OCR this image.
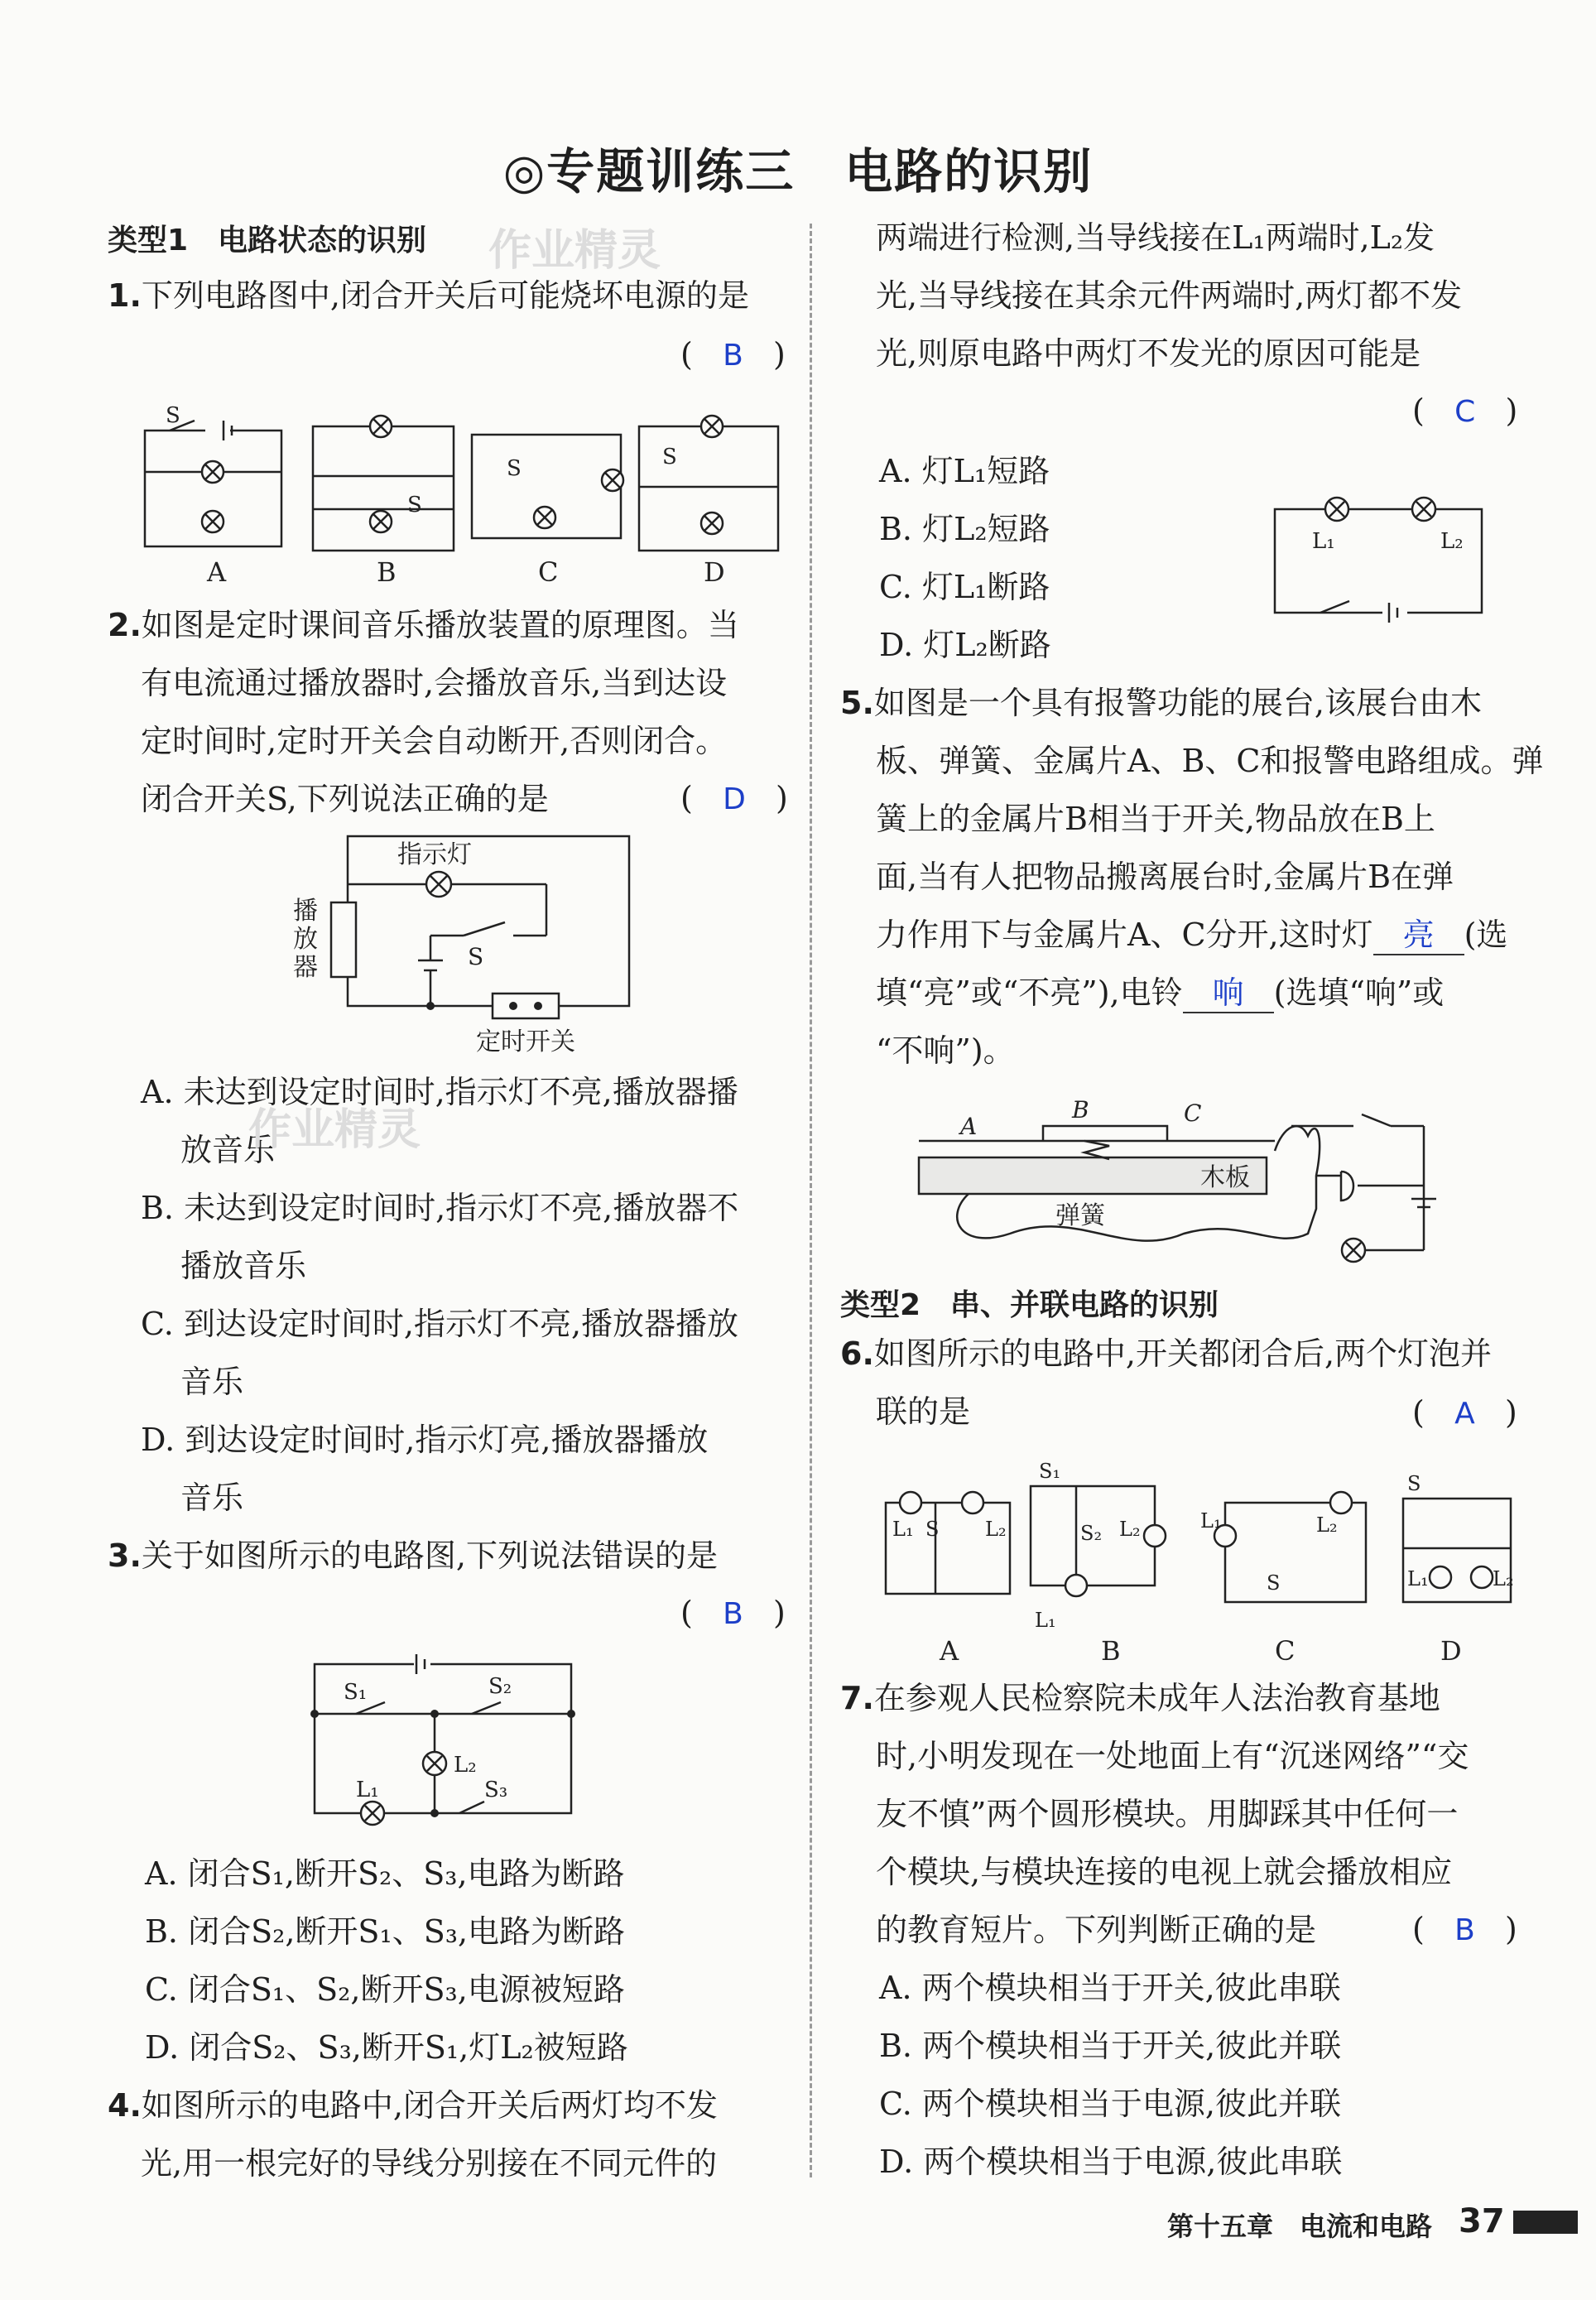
◎专题训练三　电路的识别
类型1　电路状态的识别 作业精灵
1.下列电路图中,闭合开关后可能烧坏电源的是
(   B   )
S
S
S	S
A	B	C	D
2.如图是定时课间音乐播放装置的原理图。当
有电流通过播放器时,会播放音乐,当到达设
定时间时,定时开关会自动断开,否则闭合。
闭合开关S,下列说法正确的是	(   D   )
指示灯
播
放
器	S
定时开关
A. 未达到设定时间时,指示灯不亮,播放器播
放音乐
作业精灵
B. 未达到设定时间时,指示灯不亮,播放器不
播放音乐
C. 到达设定时间时,指示灯不亮,播放器播放
音乐
D. 到达设定时间时,指示灯亮,播放器播放
音乐
3.关于如图所示的电路图,下列说法错误的是
(   B   )
S₁	S₂
S₃
L₁
L₂
A. 闭合S₁,断开S₂、S₃,电路为断路
B. 闭合S₂,断开S₁、S₃,电路为断路
C. 闭合S₁、S₂,断开S₃,电源被短路
D. 闭合S₂、S₃,断开S₁,灯L₂被短路
4.如图所示的电路中,闭合开关后两灯均不发
光,用一根完好的导线分别接在不同元件的
两端进行检测,当导线接在L₁两端时,L₂发
光,当导线接在其余元件两端时,两灯都不发
光,则原电路中两灯不发光的原因可能是
(   C   )
A. 灯L₁短路
B. 灯L₂短路
C. 灯L₁断路
D. 灯L₂断路
L₁	L₂
5.如图是一个具有报警功能的展台,该展台由木
板、弹簧、金属片A、B、C和报警电路组成。弹
簧上的金属片B相当于开关,物品放在B上
面,当有人把物品搬离展台时,金属片B在弹
力作用下与金属片A、C分开,这时灯 亮 (选
填“亮”或“不亮”),电铃 响 (选填“响”或
“不响”)。
A
B	C
木板
弹簧
类型2　串、并联电路的识别
6.如图所示的电路中,开关都闭合后,两个灯泡并
联的是	(   A   )
L₁	L₂
S
S₁
S₂ L₂
L₁
L₁	L₂
S
S
L₁	L₂
A	B	C	D
7.在参观人民检察院未成年人法治教育基地
时,小明发现在一处地面上有“沉迷网络”“交
友不慎”两个圆形模块。用脚踩其中任何一
个模块,与模块连接的电视上就会播放相应
的教育短片。下列判断正确的是	(   B   )
A. 两个模块相当于开关,彼此串联
B. 两个模块相当于开关,彼此并联
C. 两个模块相当于电源,彼此并联
D. 两个模块相当于电源,彼此串联
第十五章　电流和电路 37
